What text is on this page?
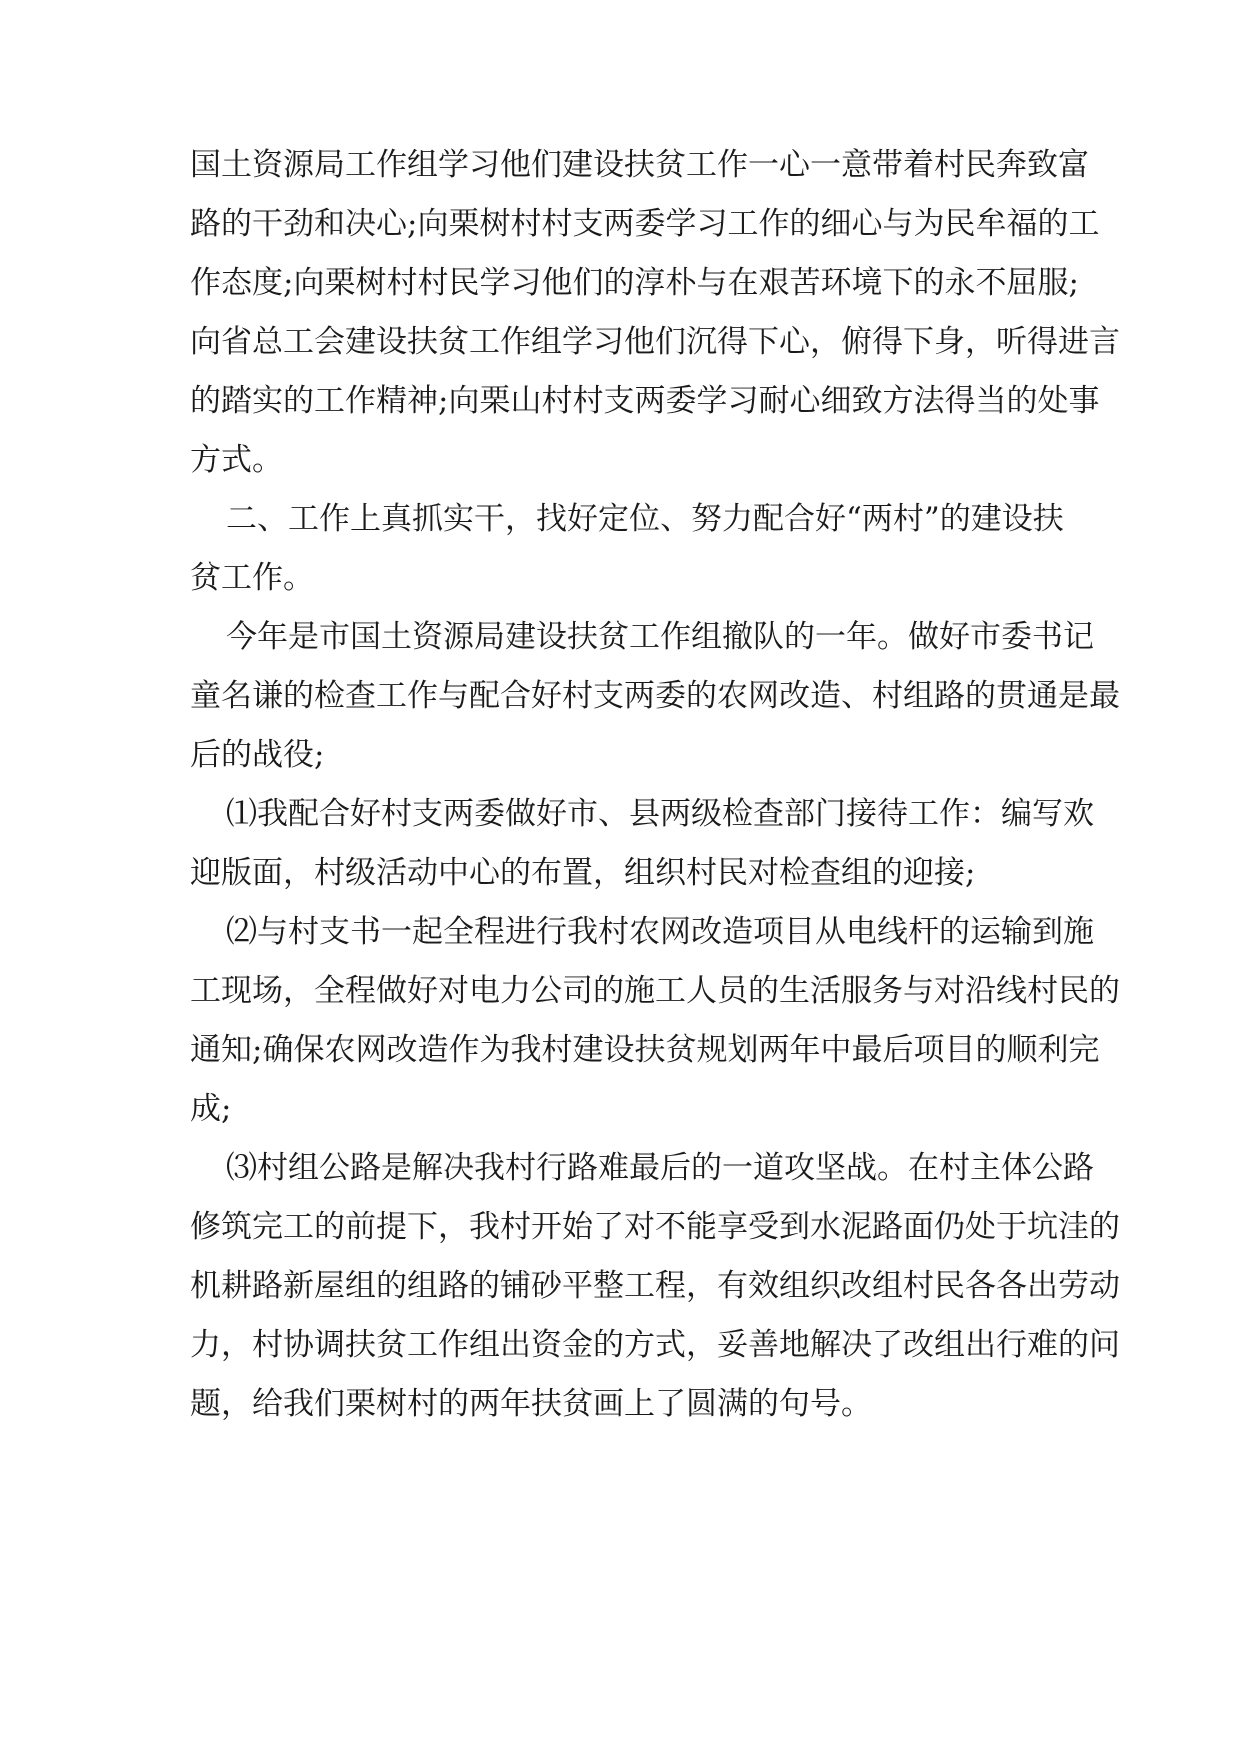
国土资源局工作组学习他们建设扶贫工作一心一意带着村民奔致富
路的干劲和决心;向栗树村村支两委学习工作的细心与为民牟福的工
作态度;向栗树村村民学习他们的淳朴与在艰苦环境下的永不屈服;
向省总工会建设扶贫工作组学习他们沉得下心，俯得下身，听得进言
的踏实的工作精神;向栗山村村支两委学习耐心细致方法得当的处事
方式。
二、工作上真抓实干，找好定位、努力配合好“两村”的建设扶
贫工作。
今年是市国土资源局建设扶贫工作组撤队的一年。做好市委书记
童名谦的检查工作与配合好村支两委的农网改造、村组路的贯通是最
后的战役;
⑴我配合好村支两委做好市、县两级检查部门接待工作：编写欢
迎版面，村级活动中心的布置，组织村民对检查组的迎接;
⑵与村支书一起全程进行我村农网改造项目从电线杆的运输到施
工现场，全程做好对电力公司的施工人员的生活服务与对沿线村民的
通知;确保农网改造作为我村建设扶贫规划两年中最后项目的顺利完
成;
⑶村组公路是解决我村行路难最后的一道攻坚战。在村主体公路
修筑完工的前提下，我村开始了对不能享受到水泥路面仍处于坑洼的
机耕路新屋组的组路的铺砂平整工程，有效组织改组村民各各出劳动
力，村协调扶贫工作组出资金的方式，妥善地解决了改组出行难的问
题，给我们栗树村的两年扶贫画上了圆满的句号。
